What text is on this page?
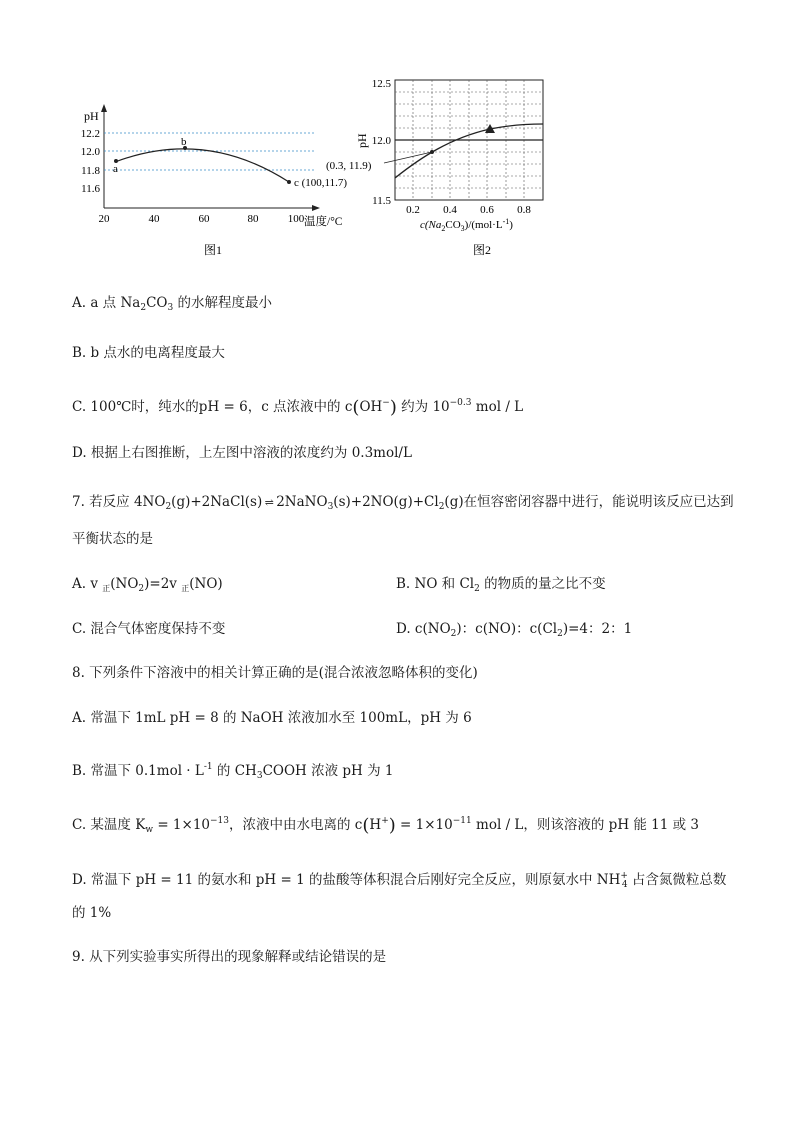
pH
12.2
12.0
11.8
11.6
20	40	60	80	100 温度/°C
a
b
c (100,11.7)
图1
(0.3, 11.9)
12.5
12.0
11.5
pH
0.2 0.4 0.6 0.8
$c(Na_2CO_3)/(mol\cdot L^{-1})$
图2
A. a 点 $Na_2CO_3$ 的水解程度最小
B. b 点水的电离程度最大
C. 100℃时，纯水的pH = 6，c 点浓液中的 c(OH−) 约为 $10^{-0.3}$ mol / L
D. 根据上右图推断，上左图中溶液的浓度约为 0.3mol/L
7. 若反应 $4NO_2(g)+2NaCl(s)$ ⇌ $2NaNO_3(s)+2NO(g)+Cl_2(g)$在恒容密闭容器中进行，能说明该反应已达到
平衡状态的是
A. v $_正(NO_2)=2v$ $_正$(NO)	B. NO 和 $Cl_2$ 的物质的量之比不变
C. 混合气体密度保持不变	D. $c(NO_2)$：c(NO)：$c(Cl_2)=4$：2：1
8. 下列条件下溶液中的相关计算正确的是(混合浓液忽略体积的变化)
A. 常温下 1mL pH = 8 的 NaOH 浓液加水至 100mL，pH 为 6
B. 常温下 $0.1mol \cdot L^{-1}$ 的 $CH_3COOH$ 浓液 pH 为 1
C. 某温度 $K_w = 1\times 10^{-13}$，浓液中由水电离的 $c(H^+) = 1\times 10^{-11}$ mol / L，则该溶液的 pH 能 11 或 3
D. 常温下 pH = 11 的氨水和 pH = 1 的盐酸等体积混合后刚好完全反应，则原氨水中 $NH^+_4$ 占含氮微粒总数
的 1%
9. 从下列实验事实所得出的现象解释或结论错误的是
